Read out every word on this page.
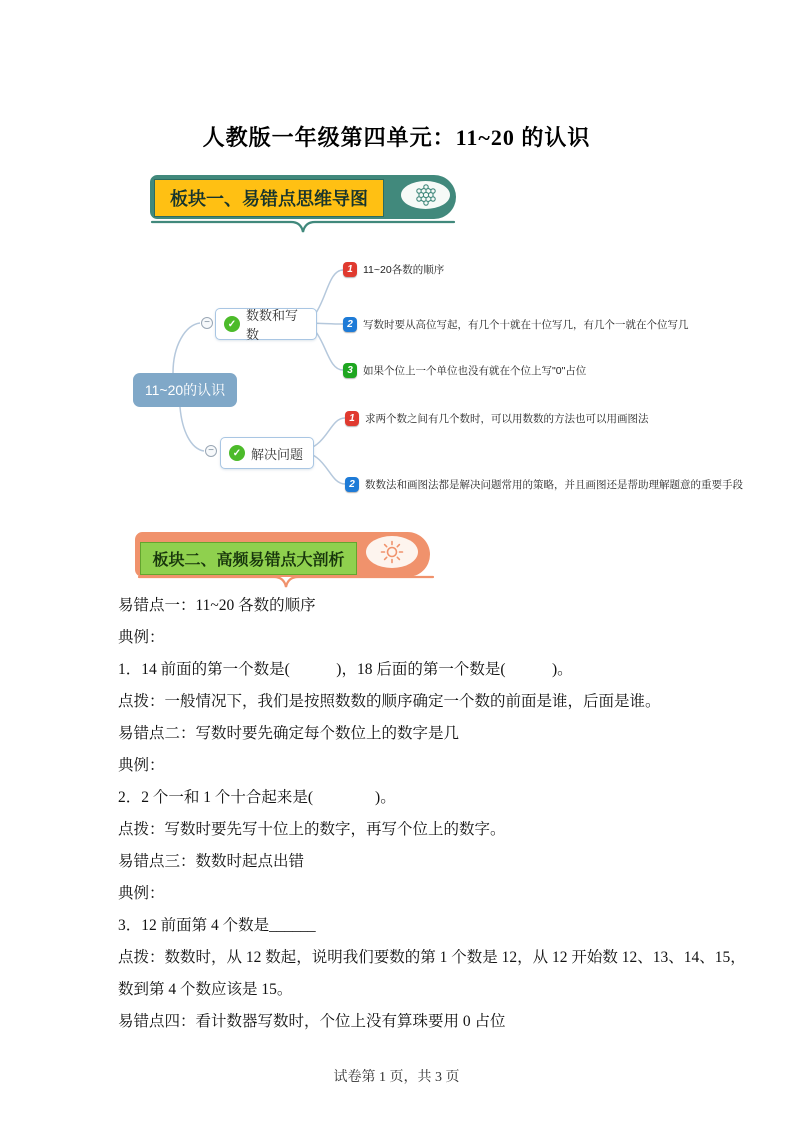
人教版一年级第四单元：11~20 的认识
板块一、易错点思维导图
11~20的认识
−	✓
数数和写数
−	✓ 解决问题
1 11~20各数的顺序
2 写数时要从高位写起，有几个十就在十位写几，有几个一就在个位写几
3 如果个位上一个单位也没有就在个位上写"0"占位
1 求两个数之间有几个数时，可以用数数的方法也可以用画图法
2 数数法和画图法都是解决问题常用的策略，并且画图还是帮助理解题意的重要手段
板块二、高频易错点大剖析

易错点一：11~20 各数的顺序

典例：

1．14 前面的第一个数是(　　　)，18 后面的第一个数是(　　　)。

点拨：一般情况下，我们是按照数数的顺序确定一个数的前面是谁，后面是谁。

易错点二：写数时要先确定每个数位上的数字是几

典例：

2．2 个一和 1 个十合起来是(　　　　)。

点拨：写数时要先写十位上的数字，再写个位上的数字。

易错点三：数数时起点出错

典例：

3．12 前面第 4 个数是______

点拨：数数时，从 12 数起，说明我们要数的第 1 个数是 12，从 12 开始数 12、13、14、15，

数到第 4 个数应该是 15。

易错点四：看计数器写数时，个位上没有算珠要用 0 占位

试卷第 1 页，共 3 页
